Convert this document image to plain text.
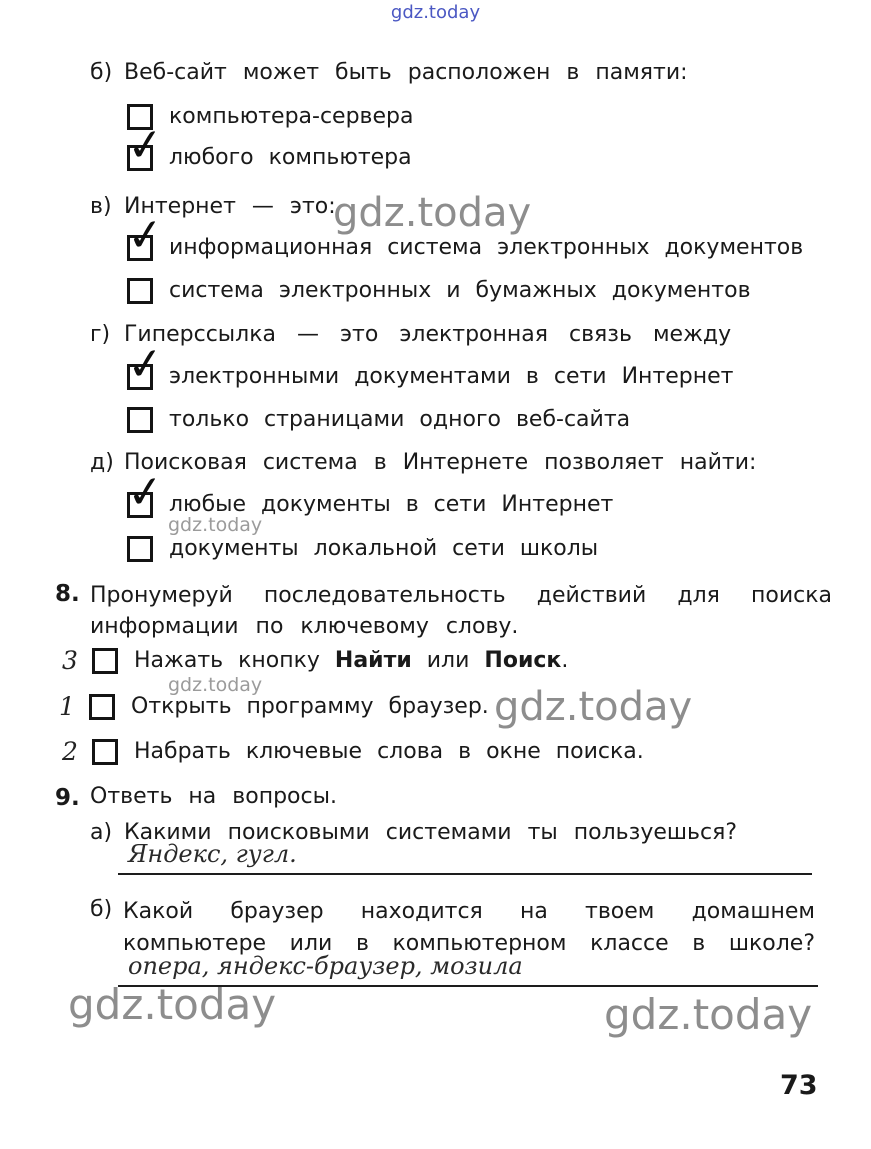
gdz.today
gdz.today
gdz.today
gdz.today	gdz.today
gdz.today	gdz.today
б) Веб-сайт может быть расположен в памяти:
компьютера-сервера
✓
любого компьютера
в) Интернет — это:
✓
информационная система электронных документов
система электронных и бумажных документов
г) Гиперссылка — это электронная связь между
✓
электронными документами в сети Интернет
только страницами одного веб-сайта
д) Поисковая система в Интернете позволяет найти:
✓
любые документы в сети Интернет
документы локальной сети школы
8. Пронумеруй последовательность действий для поиска
информации по ключевому слову.
3	Нажать кнопку Найти или Поиск.
1	Открыть программу браузер.
2	Набрать ключевые слова в окне поиска.
9. Ответь на вопросы.
а) Какими поисковыми системами ты пользуешься?
Яндекс, гугл.
б) Какой браузер находится на твоем домашнем
компьютере или в компьютерном классе в школе?
опера, яндекс-браузер, мозила
73
